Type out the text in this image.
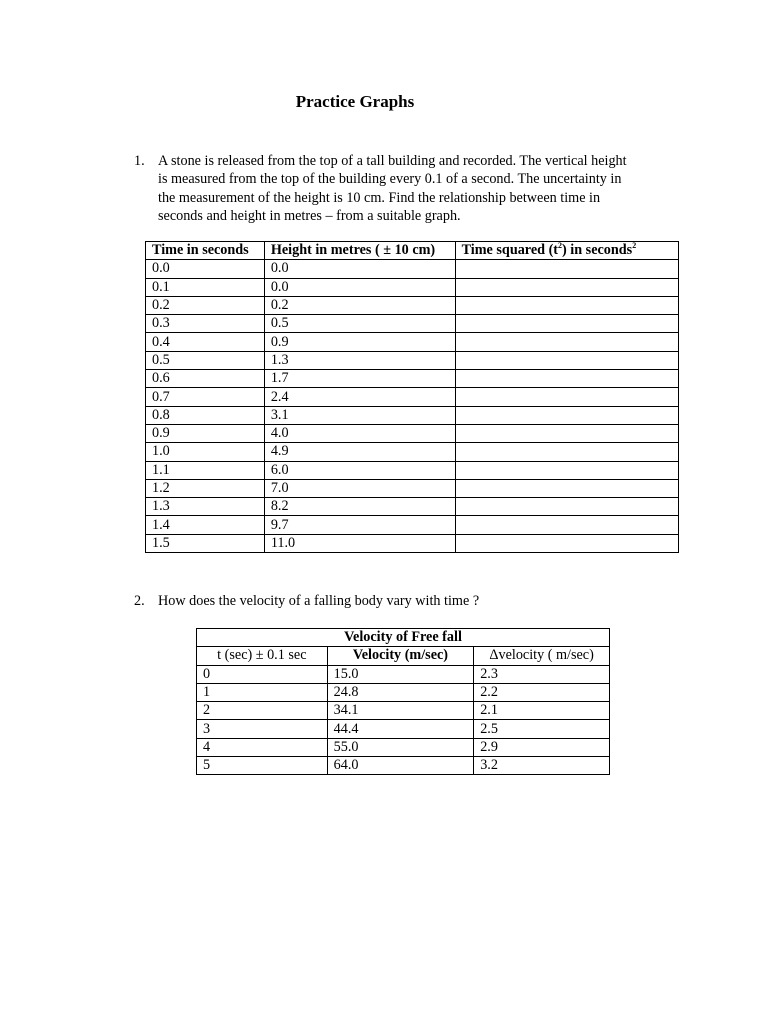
Practice Graphs
1. A stone is released from the top of a tall building and recorded. The vertical height is measured from the top of the building every 0.1 of a second. The uncertainty in the measurement of the height is 10 cm. Find the relationship between time in seconds and height in metres – from a suitable graph.
Time in seconds	Height in metres ( ± 10 cm)	Time squared $(t^2)$ in seconds$^2$
0.0	0.0	
0.1	0.0	
0.2	0.2	
0.3	0.5	
0.4	0.9	
0.5	1.3	
0.6	1.7	
0.7	2.4	
0.8	3.1	
0.9	4.0	
1.0	4.9	
1.1	6.0	
1.2	7.0	
1.3	8.2	
1.4	9.7	
1.5	11.0	
2. How does the velocity of a falling body vary with time ?
Velocity of Free fall		
t (sec) ± 0.1 sec	Velocity (m/sec)	Δvelocity ( m/sec)
0	15.0	2.3
1	24.8	2.2
2	34.1	2.1
3	44.4	2.5
4	55.0	2.9
5	64.0	3.2
